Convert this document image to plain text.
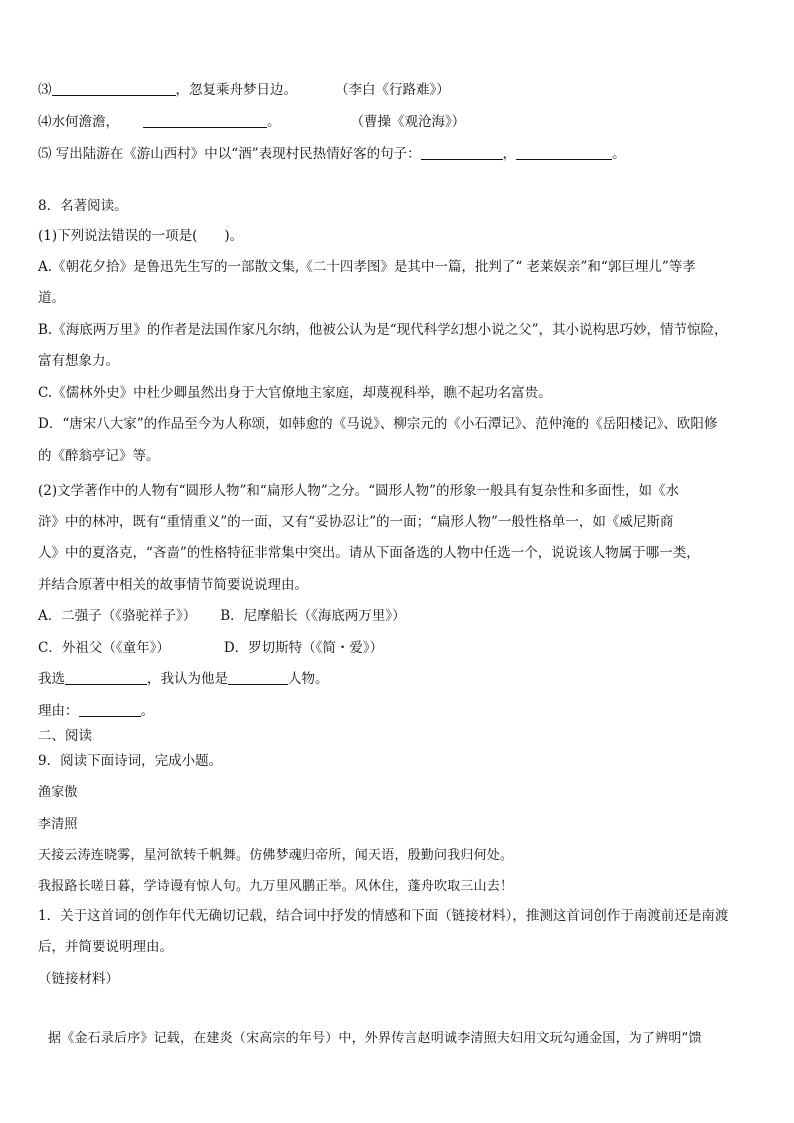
⑶	，忽复乘舟梦日边。	（李白《行路难》）
⑷水何澹澹，	。	（曹操《观沧海》）
⑸ 写出陆游在《游山西村》中以“酒”表现村民热情好客的句子：	，	。
8．名著阅读。
(1)下列说法错误的一项是(　　)。
A.《朝花夕拾》是鲁迅先生写的一部散文集,《二十四孝图》是其中一篇，批判了“ 老莱娱亲”和“郭巨埋儿”等孝
道。
B.《海底两万里》的作者是法国作家凡尔纳，他被公认为是“现代科学幻想小说之父”，其小说构思巧妙，情节惊险，
富有想象力。
C.《儒林外史》中杜少卿虽然出身于大官僚地主家庭，却蔑视科举，瞧不起功名富贵。
D．“唐宋八大家”的作品至今为人称颂，如韩愈的《马说》、柳宗元的《小石潭记》、范仲淹的《岳阳楼记》、欧阳修
的《醉翁亭记》等。
(2)文学著作中的人物有“圆形人物”和“扁形人物”之分。“圆形人物”的形象一般具有复杂性和多面性，如《水
浒》中的林冲，既有“重情重义”的一面，又有“妥协忍让”的一面；“扁形人物”一般性格单一，如《威尼斯商
人》中的夏洛克，“吝啬”的性格特征非常集中突出。请从下面备选的人物中任选一个，说说该人物属于哪一类，
并结合原著中相关的故事情节简要说说理由。
A．二强子（《骆驼祥子》） B．尼摩船长（《海底两万里》）
C．外祖父（《童年》）	D．罗切斯特（《简・爱》）
我选	，我认为他是	人物。
理由：	。
二、阅读
9．阅读下面诗词，完成小题。
渔家傲
李清照
天接云涛连晓雾，星河欲转千帆舞。仿佛梦魂归帝所，闻天语，殷勤问我归何处。
我报路长嗟日暮，学诗谩有惊人句。九万里风鹏正举。风休住，蓬舟吹取三山去！
1．关于这首词的创作年代无确切记载，结合词中抒发的情感和下面（链接材料），推测这首词创作于南渡前还是南渡
后，并简要说明理由。
（链接材料）
据《金石录后序》记载，在建炎（宋高宗的年号）中，外界传言赵明诚李清照夫妇用文玩勾通金国，为了辨明“馈
